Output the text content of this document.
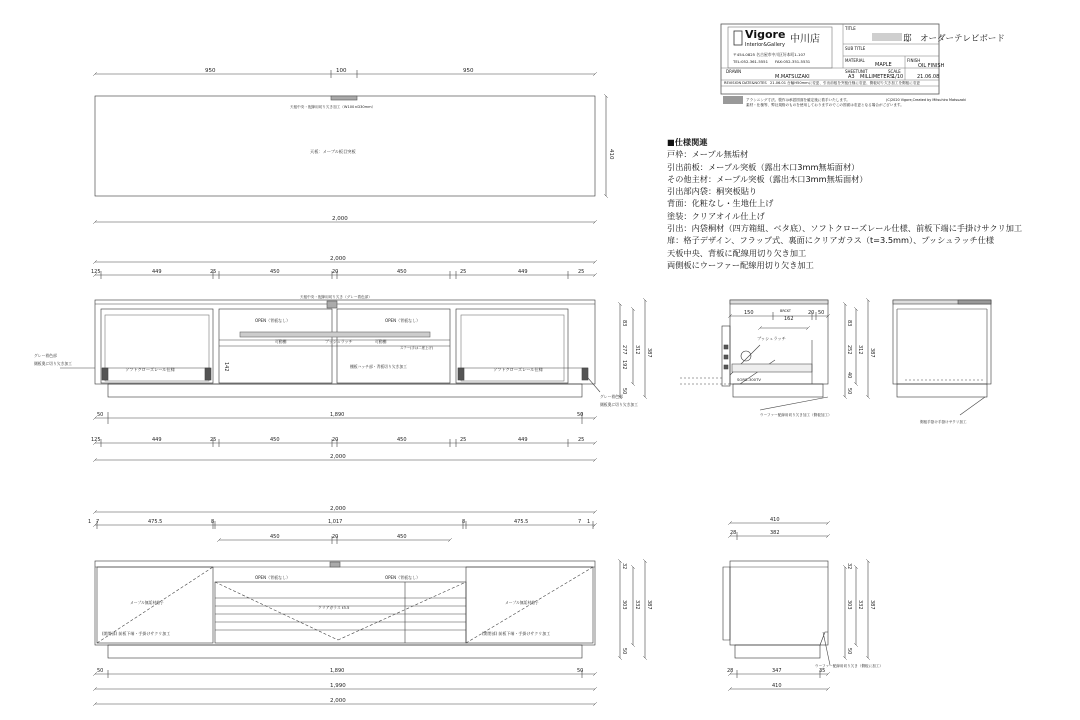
Vigore
Interior&Gallery 中川店
〒454-0825 名古屋市中川区好本町1-107
TEL:052-361-5551 FAX:052-351-5531
TITLE
邸 オーダーテレビボード
SUB TITLE
MATERIAL
MAPLE
FINISH
OIL FINISH
DRAWN
M.MATSUZAKI
SHEET
A3
UNIT
MILLIMETERS
SCALE
1/10	21.06.08
REVISION DATE&NOTES 21.06.01 台輪H50mmに変更、引出前板を突板仕様に変更、側板切り欠き加工を側板に変更
アランニング寸法。製作は承認図面を確定後に着手いたします。
素材・仕様等、弊社規格のものを使用しておりますのでこの図面は変更となる場合がございます。
(C)2020 Vigore,Created by Mitsuhiro Matsuzaki
950	100	950
2,000
410
天板：メープル板目突板
天板中央・配線用切り欠き加工（W100×D30mm）
2,000
125	449	25	450	20	450	25	449	25
天板中央・配線用切り欠き（グレー着色部）
OPEN（背板なし）	OPEN（背板なし）
プッシュラッチ
可動棚	可動棚
ステー(手は二度上げ)
棚板ハッチ部・背板切り欠き加工
142
ソフトクローズレール仕様	ソフトクローズレール仕様
グレー着色部
側板奥に切り欠き加工
グレー着色部
側板奥に切り欠き加工
50	1,890	50
125	449	25	450	20	450	25	449	25
2,000
83
277 312 387
192
50
2,000
1 7	475.5	8	1,017	8	475.5	7 1
450	20	450
OPEN（背板なし）	OPEN（背板なし）
メープル無垢材格子	メープル無垢材格子
クリアガラス t3.5
(開閉部) 前板下端・手掛けサクリ加工	(開閉部) 前板下端・手掛けサクリ加工
50	1,890	50
1,990
2,000
32
303 332 387
50
150
162
20 50
BRCKT
プッシュラッチ
SORS-300TV
ウーファー配線用切り欠き加工（側板加工）
83
252	387
312
40
50
側板手掛け手掛けサクリ加工
410
28	382
32
303 332 387
50
28	347	35
410
ウーファー配線用切り欠き（側板に加工）
■仕様関連
戸枠：メープル無垢材
引出前板：メープル突板（露出木口3mm無垢面材）
その他主材：メープル突板（露出木口3mm無垢面材）
引出部内袋：桐突板貼り
背面：化粧なし・生地仕上げ
塗装：クリアオイル仕上げ
引出：内袋桐材（四方箱組、ベタ底）、ソフトクローズレール仕様、前板下端に手掛けサクリ加工
扉：格子デザイン、フラップ式、裏面にクリアガラス（t=3.5mm）、プッシュラッチ仕様
天板中央、背板に配線用切り欠き加工
両側板にウーファー配線用切り欠き加工
